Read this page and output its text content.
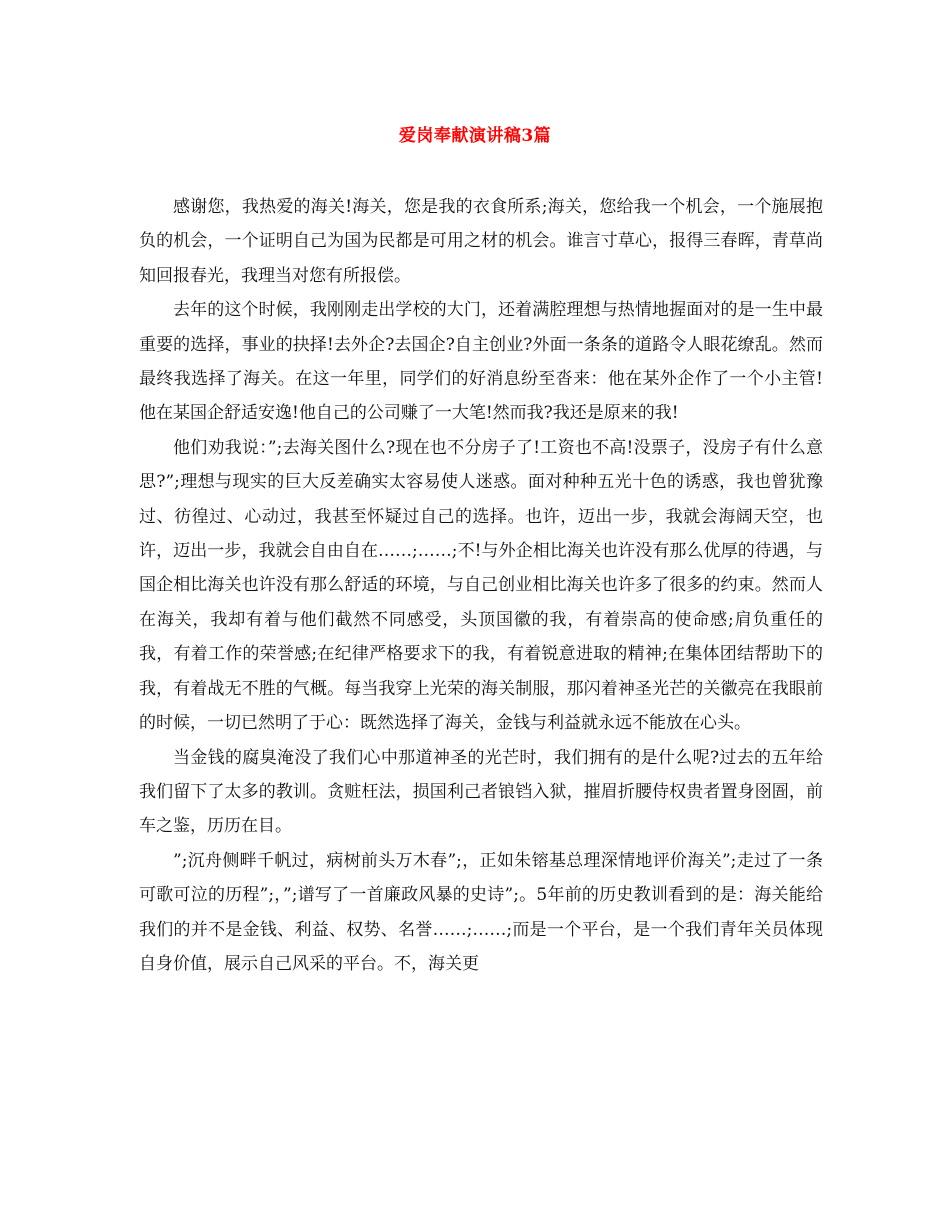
爱岗奉献演讲稿3篇

感谢您，我热爱的海关!海关，您是我的衣食所系;海关，您给我一个机会，一个施展抱负的机会，一个证明自己为国为民都是可用之材的机会。谁言寸草心，报得三春晖，青草尚知回报春光，我理当对您有所报偿。

去年的这个时候，我刚刚走出学校的大门，还着满腔理想与热情地握面对的是一生中最重要的选择，事业的抉择!去外企?去国企?自主创业?外面一条条的道路令人眼花缭乱。然而最终我选择了海关。在这一年里，同学们的好消息纷至沓来：他在某外企作了一个小主管!他在某国企舒适安逸!他自己的公司赚了一大笔!然而我?我还是原来的我!

他们劝我说：”;去海关图什么?现在也不分房子了!工资也不高!没票子，没房子有什么意思?”;理想与现实的巨大反差确实太容易使人迷惑。面对种种五光十色的诱惑，我也曾犹豫过、彷徨过、心动过，我甚至怀疑过自己的选择。也许，迈出一步，我就会海阔天空，也许，迈出一步，我就会自由自在……;……;不!与外企相比海关也许没有那么优厚的待遇，与国企相比海关也许没有那么舒适的环境，与自己创业相比海关也许多了很多的约束。然而人在海关，我却有着与他们截然不同感受，头顶国徽的我，有着崇高的使命感;肩负重任的我，有着工作的荣誉感;在纪律严格要求下的我，有着锐意进取的精神;在集体团结帮助下的我，有着战无不胜的气概。每当我穿上光荣的海关制服，那闪着神圣光芒的关徽亮在我眼前的时候，一切已然明了于心：既然选择了海关，金钱与利益就永远不能放在心头。

当金钱的腐臭淹没了我们心中那道神圣的光芒时，我们拥有的是什么呢?过去的五年给我们留下了太多的教训。贪赃枉法，损国利己者锒铛入狱，摧眉折腰侍权贵者置身囹圄，前车之鉴，历历在目。

”;沉舟侧畔千帆过，病树前头万木春”;，正如朱镕基总理深情地评价海关”;走过了一条可歌可泣的历程”;，”;谱写了一首廉政风暴的史诗”;。5年前的历史教训看到的是：海关能给我们的并不是金钱、利益、权势、名誉……;……;而是一个平台，是一个我们青年关员体现自身价值，展示自己风采的平台。不，海关更
